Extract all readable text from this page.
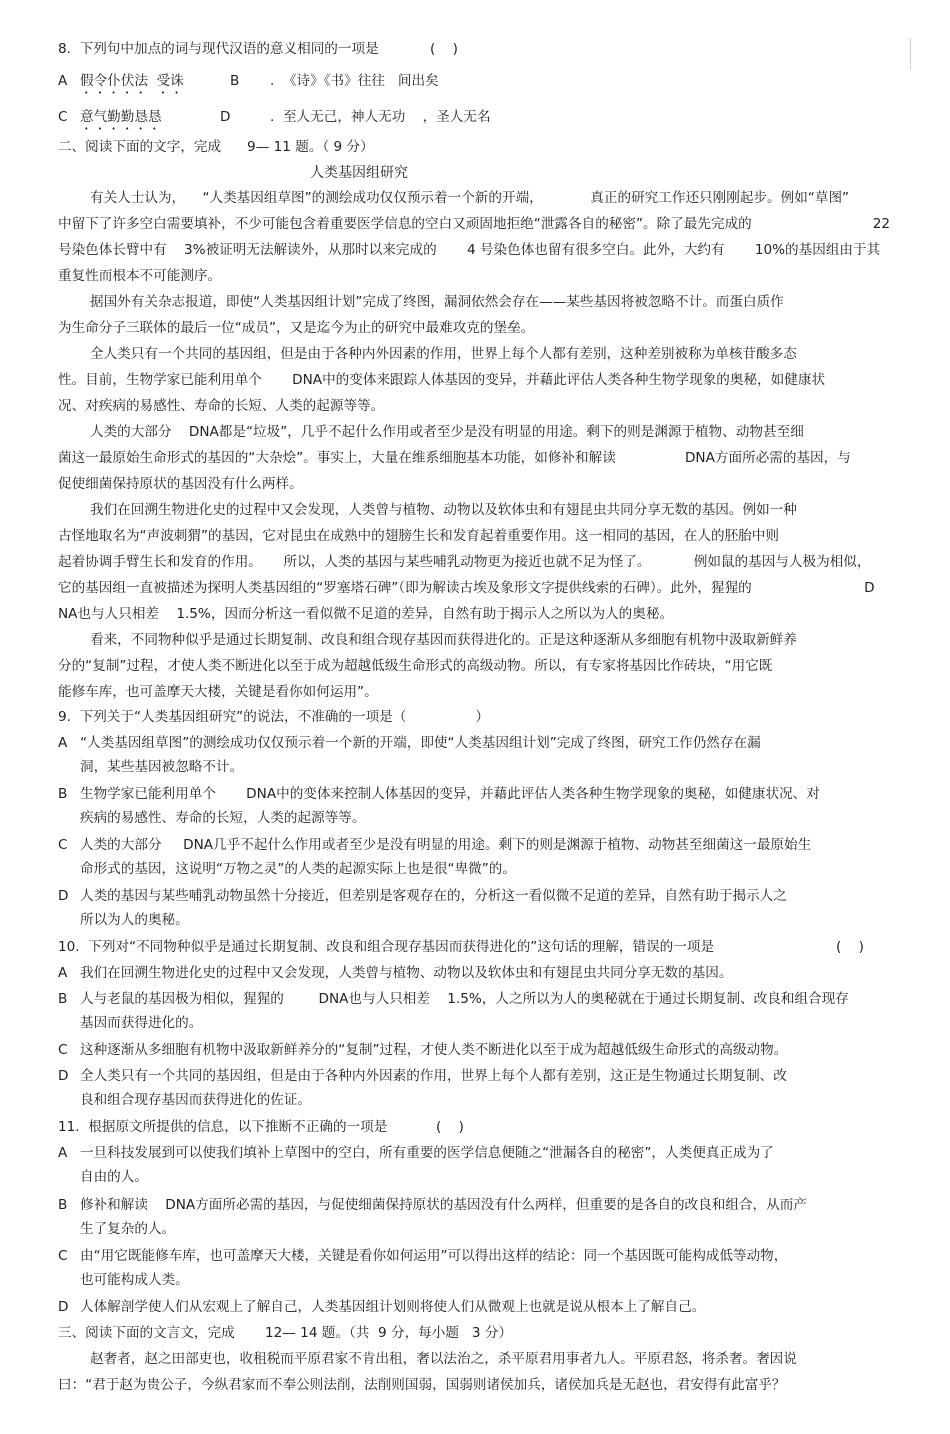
8.  下列句中加点的词与现代汉语的意义相同的一项是	(    )
A 假令仆伏法  受诛	B .  《诗》《书》往往   间出矣
C 意气勤勤恳恳	D	.  至人无己，神人无功    ，圣人无名
二、阅读下面的文字，完成      9— 11 题。（ 9 分）
人类基因组研究
有关人士认为，    “人类基因组草图”的测绘成功仅仅预示着一个新的开端，           真正的研究工作还只刚刚起步。例如“草图”
中留下了许多空白需要填补，不少可能包含着重要医学信息的空白又顽固地拒绝“泄露各自的秘密”。除了最先完成的                            22
号染色体长臂中有    3%被证明无法解读外，从那时以来完成的       4 号染色体也留有很多空白。此外，大约有       10%的基因组由于其
重复性而根本不可能测序。
据国外有关杂志报道，即使“人类基因组计划”完成了终图，漏洞依然会存在——某些基因将被忽略不计。而蛋白质作
为生命分子三联体的最后一位“成员”，又是迄今为止的研究中最难攻克的堡垒。
全人类只有一个共同的基因组，但是由于各种内外因素的作用，世界上每个人都有差别，这种差别被称为单核苷酸多态
性。目前，生物学家已能利用单个       DNA中的变体来跟踪人体基因的变异，并藉此评估人类各种生物学现象的奥秘，如健康状
况、对疾病的易感性、寿命的长短、人类的起源等等。
人类的大部分    DNA都是“垃圾”，几乎不起什么作用或者至少是没有明显的用途。剩下的则是渊源于植物、动物甚至细
菌这一最原始生命形式的基因的“大杂烩”。事实上，大量在维系细胞基本功能，如修补和解读                DNA方面所必需的基因，与
促使细菌保持原状的基因没有什么两样。
我们在回溯生物进化史的过程中又会发现，人类曾与植物、动物以及软体虫和有翅昆虫共同分享无数的基因。例如一种
古怪地取名为“声波刺猬”的基因，它对昆虫在成熟中的翅膀生长和发育起着重要作用。这一相同的基因，在人的胚胎中则
起着协调手臂生长和发育的作用。     所以，人类的基因与某些哺乳动物更为接近也就不足为怪了。          例如鼠的基因与人极为相似，
它的基因组一直被描述为探明人类基因组的“罗塞塔石碑”（即为解读古埃及象形文字提供线索的石碑）。此外，猩猩的                          D
NA也与人只相差    1.5%，因而分析这一看似微不足道的差异，自然有助于揭示人之所以为人的奥秘。
看来，不同物种似乎是通过长期复制、改良和组合现存基因而获得进化的。正是这种逐渐从多细胞有机物中汲取新鲜养
分的“复制”过程，才使人类不断进化以至于成为超越低级生命形式的高级动物。所以，有专家将基因比作砖块，“用它既
能修车库，也可盖摩天大楼，关键是看你如何运用”。
9.  下列关于“人类基因组研究”的说法，不准确的一项是（                ）
A “人类基因组草图”的测绘成功仅仅预示着一个新的开端，即使“人类基因组计划”完成了终图，研究工作仍然存在漏
洞，某些基因被忽略不计。
B 生物学家已能利用单个       DNA中的变体来控制人体基因的变异，并藉此评估人类各种生物学现象的奥秘，如健康状况、对
疾病的易感性、寿命的长短，人类的起源等等。
C 人类的大部分     DNA几乎不起什么作用或者至少是没有明显的用途。剩下的则是渊源于植物、动物甚至细菌这一最原始生
命形式的基因，这说明“万物之灵”的人类的起源实际上也是很“卑微”的。
D 人类的基因与某些哺乳动物虽然十分接近，但差别是客观存在的，分析这一看似微不足道的差异，自然有助于揭示人之
所以为人的奥秘。
10.  下列对“不同物种似乎是通过长期复制、改良和组合现存基因而获得进化的”这句话的理解，错误的一项是	(    )
A 我们在回溯生物进化史的过程中又会发现，人类曾与植物、动物以及软体虫和有翅昆虫共同分享无数的基因。
B 人与老鼠的基因极为相似，猩猩的        DNA也与人只相差    1.5%，人之所以为人的奥秘就在于通过长期复制、改良和组合现存
基因而获得进化的。
C 这种逐渐从多细胞有机物中汲取新鲜养分的“复制”过程，才使人类不断进化以至于成为超越低级生命形式的高级动物。
D 全人类只有一个共同的基因组，但是由于各种内外因素的作用，世界上每个人都有差别，这正是生物通过长期复制、改
良和组合现存基因而获得进化的佐证。
11.  根据原文所提供的信息，以下推断不正确的一项是	(    )
A 一旦科技发展到可以使我们填补上草图中的空白，所有重要的医学信息便随之“泄漏各自的秘密”，人类便真正成为了
自由的人。
B 修补和解读    DNA方面所必需的基因，与促使细菌保持原状的基因没有什么两样，但重要的是各自的改良和组合，从而产
生了复杂的人。
C 由“用它既能修车库，也可盖摩天大楼，关键是看你如何运用”可以得出这样的结论：同一个基因既可能构成低等动物，
也可能构成人类。
D 人体解剖学使人们从宏观上了解自己，人类基因组计划则将使人们从微观上也就是说从根本上了解自己。
三、阅读下面的文言文，完成       12— 14 题。（共  9 分，每小题   3 分）
赵奢者，赵之田部吏也，收租税而平原君家不肯出租，奢以法治之，杀平原君用事者九人。平原君怒，将杀奢。奢因说
曰：“君于赵为贵公子，今纵君家而不奉公则法削，法削则国弱，国弱则诸侯加兵，诸侯加兵是无赵也，君安得有此富乎？
